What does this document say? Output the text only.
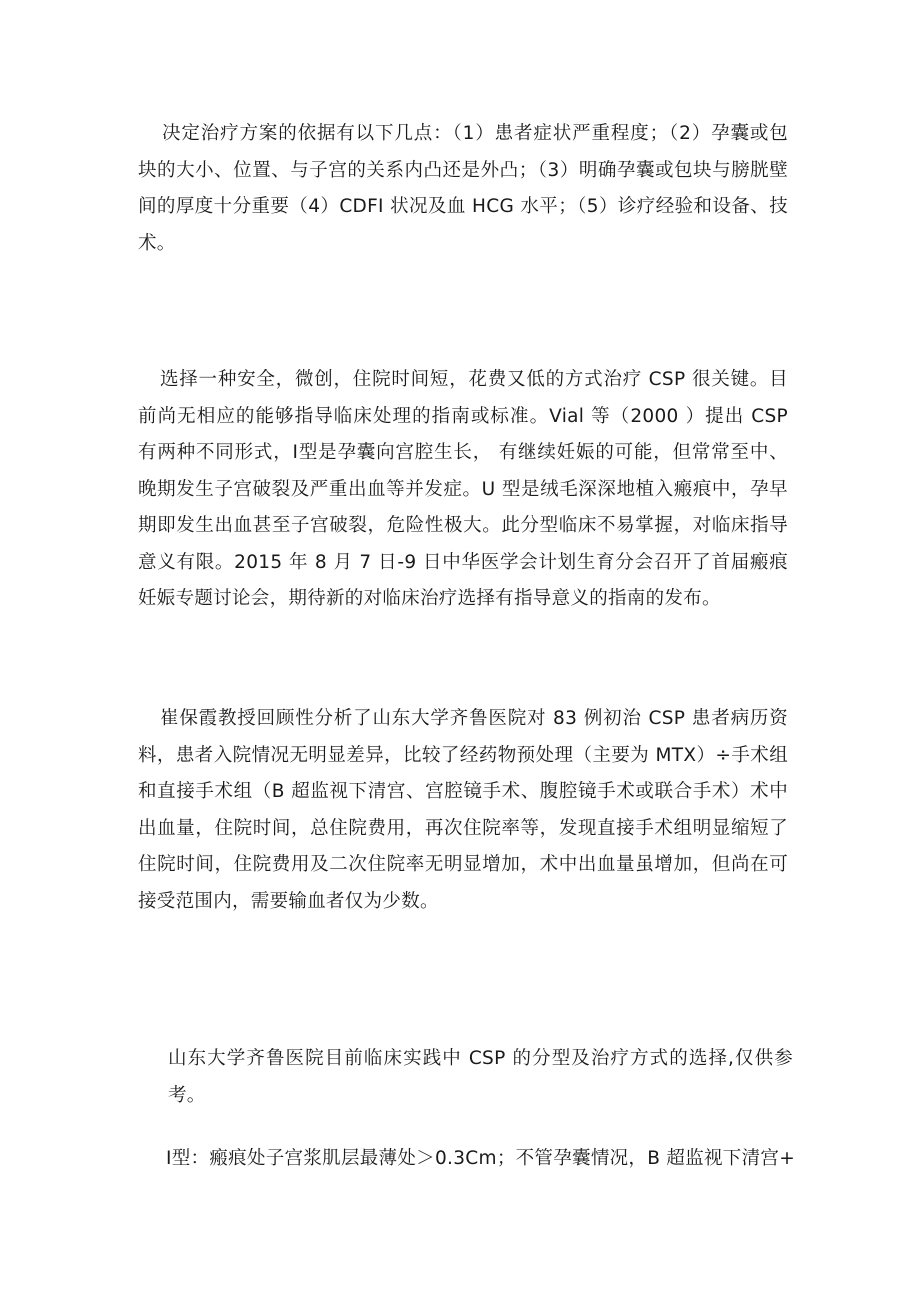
决定治疗方案的依据有以下几点：（1）患者症状严重程度；（2）孕囊或包块的大小、位置、与子宫的关系内凸还是外凸；（3）明确孕囊或包块与膀胱壁间的厚度十分重要（4）CDFI 状况及血 HCG 水平；（5）诊疗经验和设备、技术。

选择一种安全，微创，住院时间短，花费又低的方式治疗 CSP 很关键。目前尚无相应的能够指导临床处理的指南或标准。Vial 等（2000 ）提出 CSP 有两种不同形式，Ⅰ型是孕囊向宫腔生长， 有继续妊娠的可能，但常常至中、晚期发生子宫破裂及严重出血等并发症。U 型是绒毛深深地植入瘢痕中，孕早期即发生出血甚至子宫破裂，危险性极大。此分型临床不易掌握，对临床指导意义有限。2015 年 8 月 7 日-9 日中华医学会计划生育分会召开了首届瘢痕妊娠专题讨论会，期待新的对临床治疗选择有指导意义的指南的发布。

崔保霞教授回顾性分析了山东大学齐鲁医院对 83 例初治 CSP 患者病历资料，患者入院情况无明显差异，比较了经药物预处理（主要为 MTX）÷手术组和直接手术组（B 超监视下清宫、宫腔镜手术、腹腔镜手术或联合手术）术中出血量，住院时间，总住院费用，再次住院率等，发现直接手术组明显缩短了住院时间，住院费用及二次住院率无明显增加，术中出血量虽增加，但尚在可接受范围内，需要输血者仅为少数。

山东大学齐鲁医院目前临床实践中 CSP 的分型及治疗方式的选择,仅供参考。

Ⅰ型：瘢痕处子宫浆肌层最薄处＞0.3Cm；不管孕囊情况，B 超监视下清宫+
